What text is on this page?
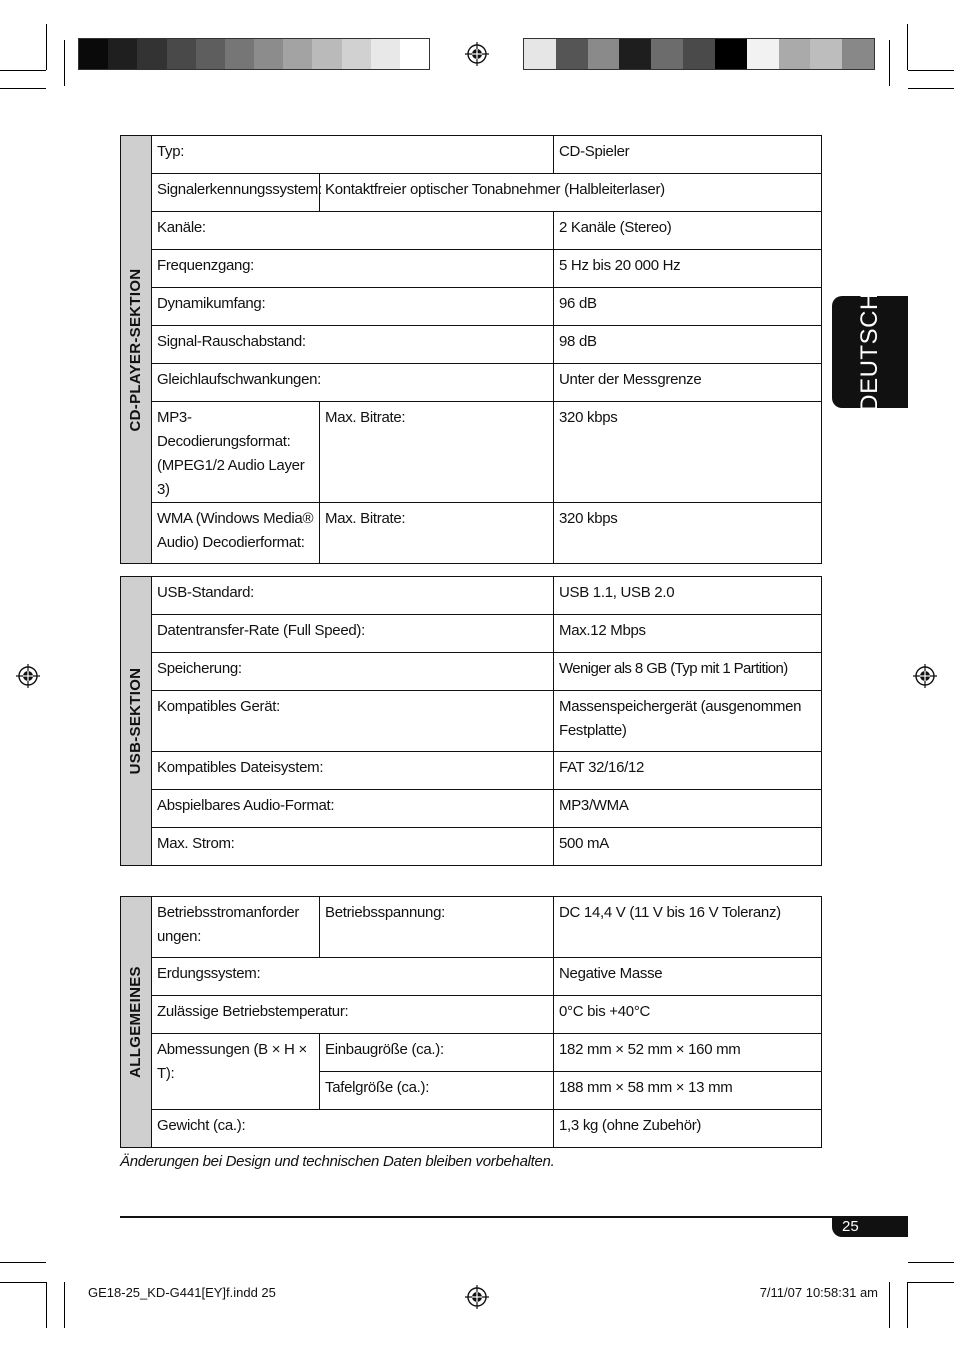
DEUTSCH
CD-PLAYER-SEKTION	Typ:		CD-Spieler
	Signalerkennungssystem:	Kontaktfreier optischer Tonabnehmer (Halbleiterlaser)	
	Kanäle:		2 Kanäle (Stereo)
	Frequenzgang:		5 Hz bis 20 000 Hz
	Dynamikumfang:		96 dB
	Signal-Rauschabstand:		98 dB
	Gleichlaufschwankungen:		Unter der Messgrenze
	MP3-Decodierungsformat: (MPEG1/2 Audio Layer 3)	Max. Bitrate:	320 kbps
	WMA (Windows Media® Audio) Decodierformat:	Max. Bitrate:	320 kbps
USB-SEKTION	USB-Standard:	USB 1.1, USB 2.0
	Datentransfer-Rate (Full Speed):	Max.12 Mbps
	Speicherung:	Weniger als 8 GB (Typ mit 1 Partition)
	Kompatibles Gerät:	Massenspeichergerät (ausgenommen Festplatte)
	Kompatibles Dateisystem:	FAT 32/16/12
	Abspielbares Audio-Format:	MP3/WMA
	Max. Strom:	500 mA
ALLGEMEINES	Betriebsstromanforder ungen:	Betriebsspannung:	DC 14,4 V (11 V bis 16 V Toleranz)
	Erdungssystem:		Negative Masse
	Zulässige Betriebstemperatur:		0°C bis +40°C
	Abmessungen (B × H × T):	Einbaugröße (ca.):	182 mm × 52 mm × 160 mm
		Tafelgröße (ca.):	188 mm × 58 mm × 13 mm
	Gewicht (ca.):		1,3 kg (ohne Zubehör)
Änderungen bei Design und technischen Daten bleiben vorbehalten.
25
GE18-25_KD-G441[EY]f.indd 25	7/11/07 10:58:31 am
